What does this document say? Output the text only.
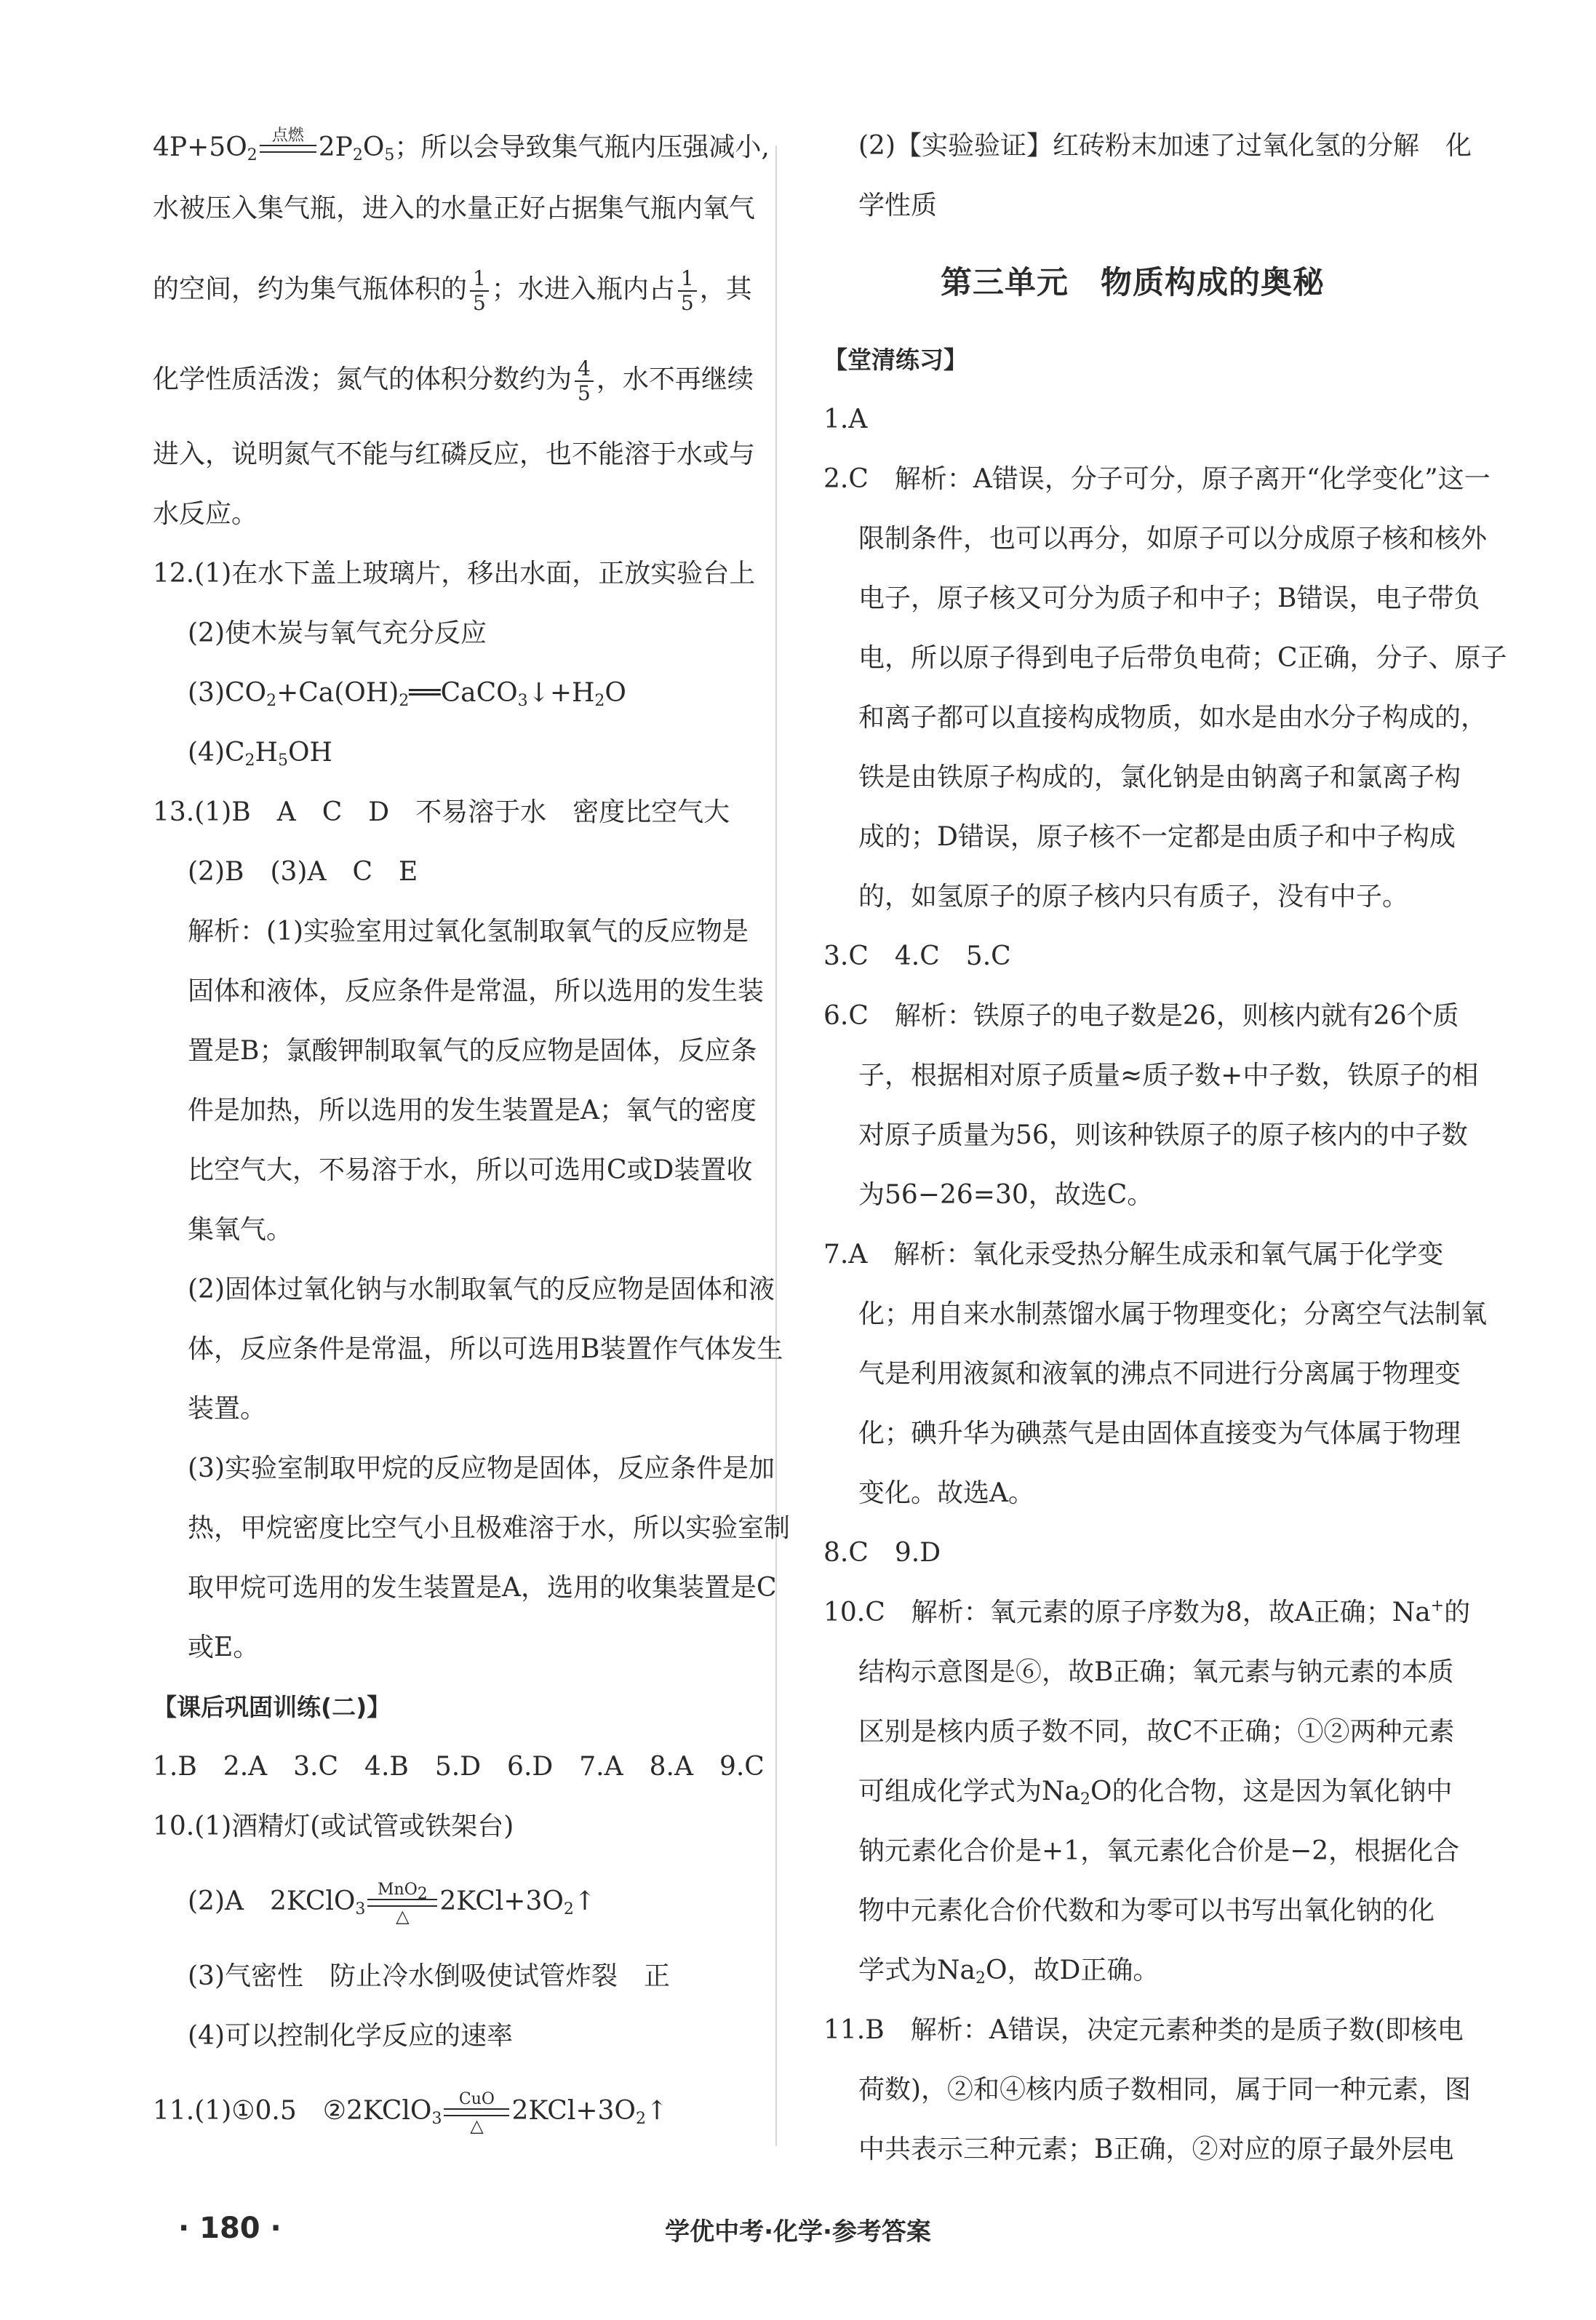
$4P+5O_2$
点燃 $2P_2O_5$；所以会导致集气瓶内压强减小,
水被压入集气瓶，进入的水量正好占据集气瓶内氧气
的空间，约为集气瓶体积的 $\frac{1}{5}$ ；水进入瓶内占 $\frac{1}{5}$ ，其
化学性质活泼；氮气的体积分数约为 $\frac{4}{5}$ ，水不再继续
进入，说明氮气不能与红磷反应，也不能溶于水或与
水反应。
12.(1)在水下盖上玻璃片，移出水面，正放实验台上
(2)使木炭与氧气充分反应
$(3)CO_2+Ca(OH)_2══CaCO_3↓+H_2O$
$(4)C_2H_5OH$
13.(1)B　A　C　D　不易溶于水　密度比空气大
(2)B　(3)A　C　E
解析：(1)实验室用过氧化氢制取氧气的反应物是
固体和液体，反应条件是常温，所以选用的发生装
置是B；氯酸钾制取氧气的反应物是固体，反应条
件是加热，所以选用的发生装置是A；氧气的密度
比空气大，不易溶于水，所以可选用C或D装置收
集氧气。
(2)固体过氧化钠与水制取氧气的反应物是固体和液
体，反应条件是常温，所以可选用B装置作气体发生
装置。
(3)实验室制取甲烷的反应物是固体，反应条件是加
热，甲烷密度比空气小且极难溶于水，所以实验室制
取甲烷可选用的发生装置是A，选用的收集装置是C
或E。
【课后巩固训练(二)】
1.B　2.A　3.C　4.B　5.D　6.D　7.A　8.A　9.C
10.(1)酒精灯(或试管或铁架台)
(2)A　2KClO$_3$
MnO$_2$
△	$2KCl+3O_2↑$
(3)气密性　防止冷水倒吸使试管炸裂　正
(4)可以控制化学反应的速率
11.(1)①0.5　②2KClO$_3$
CuO
△	$2KCl+3O_2↑$
(2)【实验验证】红砖粉末加速了过氧化氢的分解　化
学性质
第三单元　物质构成的奥秘
【堂清练习】
1.A
2.C　解析：A错误，分子可分，原子离开“化学变化”这一
限制条件，也可以再分，如原子可以分成原子核和核外
电子，原子核又可分为质子和中子；B错误，电子带负
电，所以原子得到电子后带负电荷；C正确，分子、原子
和离子都可以直接构成物质，如水是由水分子构成的，
铁是由铁原子构成的，氯化钠是由钠离子和氯离子构
成的；D错误，原子核不一定都是由质子和中子构成
的，如氢原子的原子核内只有质子，没有中子。
3.C　4.C　5.C
6.C　解析：铁原子的电子数是26，则核内就有26个质
子，根据相对原子质量≈质子数+中子数，铁原子的相
对原子质量为56，则该种铁原子的原子核内的中子数
为56−26=30，故选C。
7.A　解析：氧化汞受热分解生成汞和氧气属于化学变
化；用自来水制蒸馏水属于物理变化；分离空气法制氧
气是利用液氮和液氧的沸点不同进行分离属于物理变
化；碘升华为碘蒸气是由固体直接变为气体属于物理
变化。故选A。
8.C　9.D
10.C　解析：氧元素的原子序数为8，故A正确；Na+的
结构示意图是⑥，故B正确；氧元素与钠元素的本质
区别是核内质子数不同，故C不正确；①②两种元素
可组成化学式为$Na_2O$的化合物，这是因为氧化钠中
钠元素化合价是+1，氧元素化合价是−2，根据化合
物中元素化合价代数和为零可以书写出氧化钠的化
学式为$Na_2O$，故D正确。
11.B　解析：A错误，决定元素种类的是质子数(即核电
荷数)，②和④核内质子数相同，属于同一种元素，图
中共表示三种元素；B正确，②对应的原子最外层电
· 180 ·	学优中考·化学·参考答案
